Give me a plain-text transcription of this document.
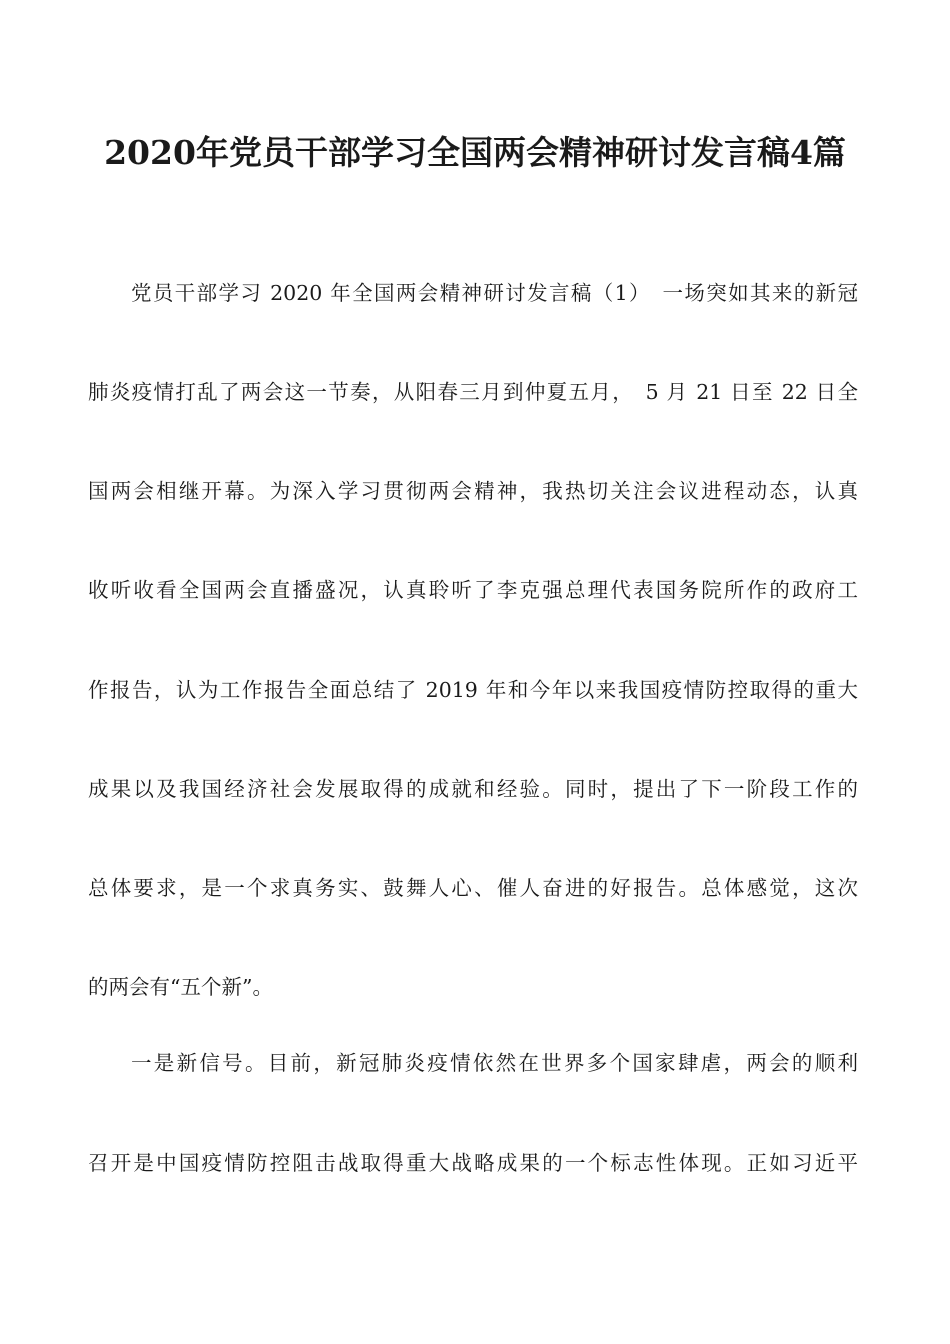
2020年党员干部学习全国两会精神研讨发言稿4篇

党员干部学习 2020 年全国两会精神研讨发言稿（1）　一场突如其来的新冠

肺炎疫情打乱了两会这一节奏，从阳春三月到仲夏五月，　5 月 21 日至 22 日全

国两会相继开幕。为深入学习贯彻两会精神，我热切关注会议进程动态，认真

收听收看全国两会直播盛况，认真聆听了李克强总理代表国务院所作的政府工

作报告，认为工作报告全面总结了 2019 年和今年以来我国疫情防控取得的重大

成果以及我国经济社会发展取得的成就和经验。同时，提出了下一阶段工作的

总体要求，是一个求真务实、鼓舞人心、催人奋进的好报告。总体感觉，这次

的两会有“五个新”。

一是新信号。目前，新冠肺炎疫情依然在世界多个国家肆虐，两会的顺利

召开是中国疫情防控阻击战取得重大战略成果的一个标志性体现。正如习近平
